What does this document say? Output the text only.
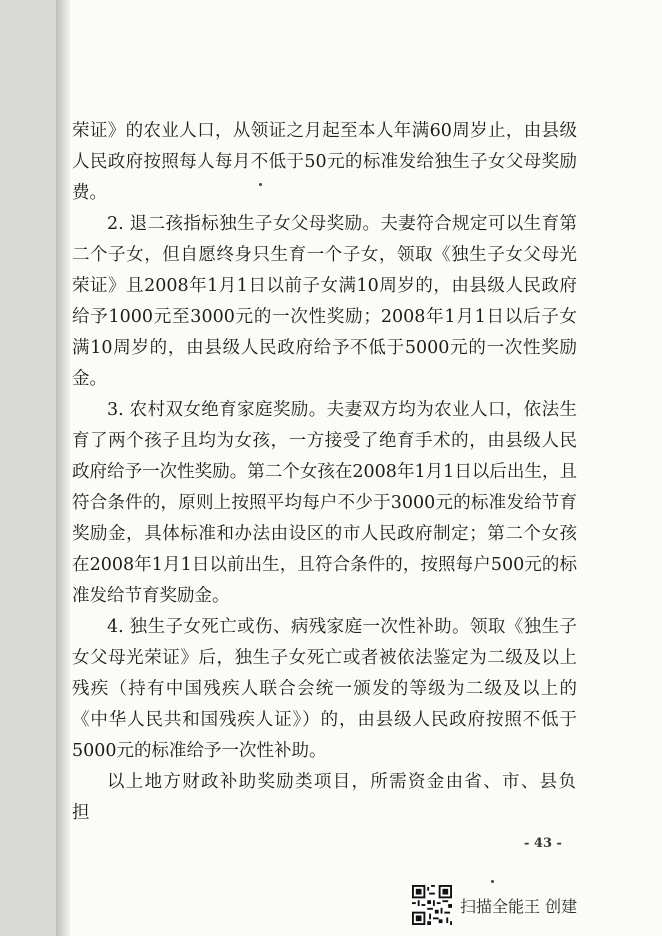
荣证》的农业人口，从领证之月起至本人年满60周岁止，由县级人民政府按照每人每月不低于50元的标准发给独生子女父母奖励费。

2. 退二孩指标独生子女父母奖励。夫妻符合规定可以生育第二个子女，但自愿终身只生育一个子女，领取《独生子女父母光荣证》且2008年1月1日以前子女满10周岁的，由县级人民政府给予1000元至3000元的一次性奖励；2008年1月1日以后子女满10周岁的，由县级人民政府给予不低于5000元的一次性奖励金。

3. 农村双女绝育家庭奖励。夫妻双方均为农业人口，依法生育了两个孩子且均为女孩，一方接受了绝育手术的，由县级人民政府给予一次性奖励。第二个女孩在2008年1月1日以后出生，且符合条件的，原则上按照平均每户不少于3000元的标准发给节育奖励金，具体标准和办法由设区的市人民政府制定；第二个女孩在2008年1月1日以前出生，且符合条件的，按照每户500元的标准发给节育奖励金。

4. 独生子女死亡或伤、病残家庭一次性补助。领取《独生子女父母光荣证》后，独生子女死亡或者被依法鉴定为二级及以上残疾（持有中国残疾人联合会统一颁发的等级为二级及以上的《中华人民共和国残疾人证》）的，由县级人民政府按照不低于5000元的标准给予一次性补助。

以上地方财政补助奖励类项目，所需资金由省、市、县负担

- 43 -
扫描全能王 创建
